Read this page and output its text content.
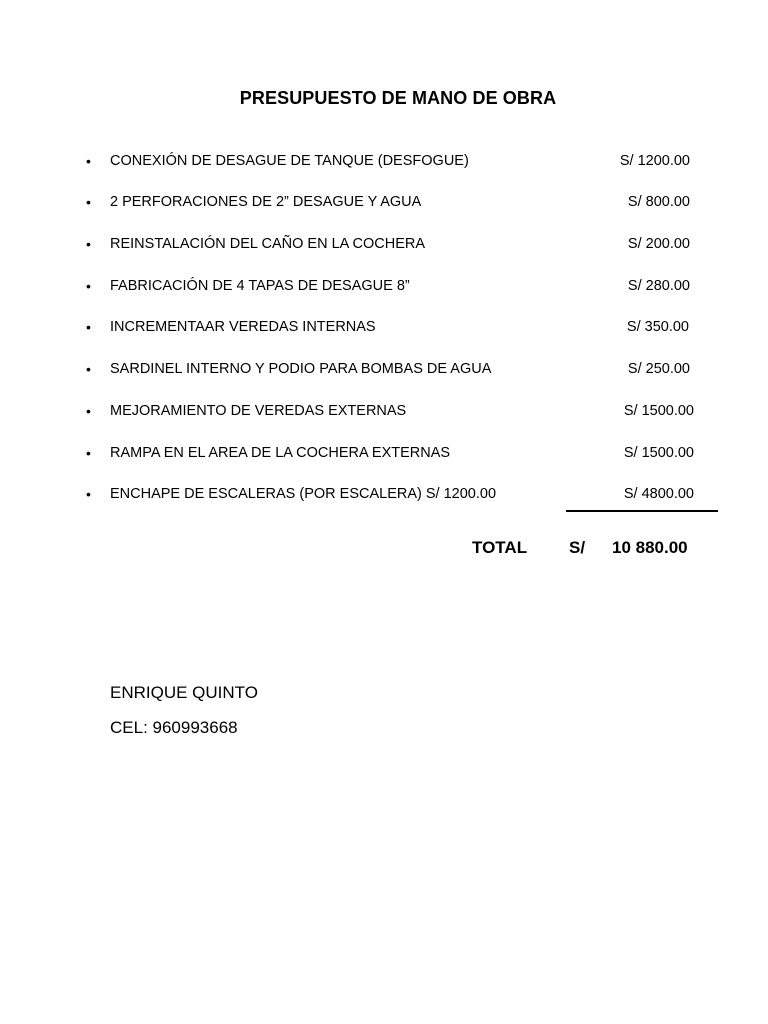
PRESUPUESTO DE MANO DE OBRA
• CONEXIÓN DE DESAGUE DE TANQUE (DESFOGUE)	S/ 1200.00
• 2 PERFORACIONES DE 2” DESAGUE Y AGUA	S/ 800.00
• REINSTALACIÓN DEL CAÑO EN LA COCHERA	S/ 200.00
• FABRICACIÓN DE 4 TAPAS DE DESAGUE 8”	S/ 280.00
• INCREMENTAAR VEREDAS INTERNAS	S/ 350.00
• SARDINEL INTERNO Y PODIO PARA BOMBAS DE AGUA	S/ 250.00
• MEJORAMIENTO DE VEREDAS EXTERNAS	S/ 1500.00
• RAMPA EN EL AREA DE LA COCHERA EXTERNAS	S/ 1500.00
• ENCHAPE DE ESCALERAS (POR ESCALERA) S/ 1200.00	S/ 4800.00
TOTAL S/ 10 880.00
ENRIQUE QUINTO
CEL: 960993668
